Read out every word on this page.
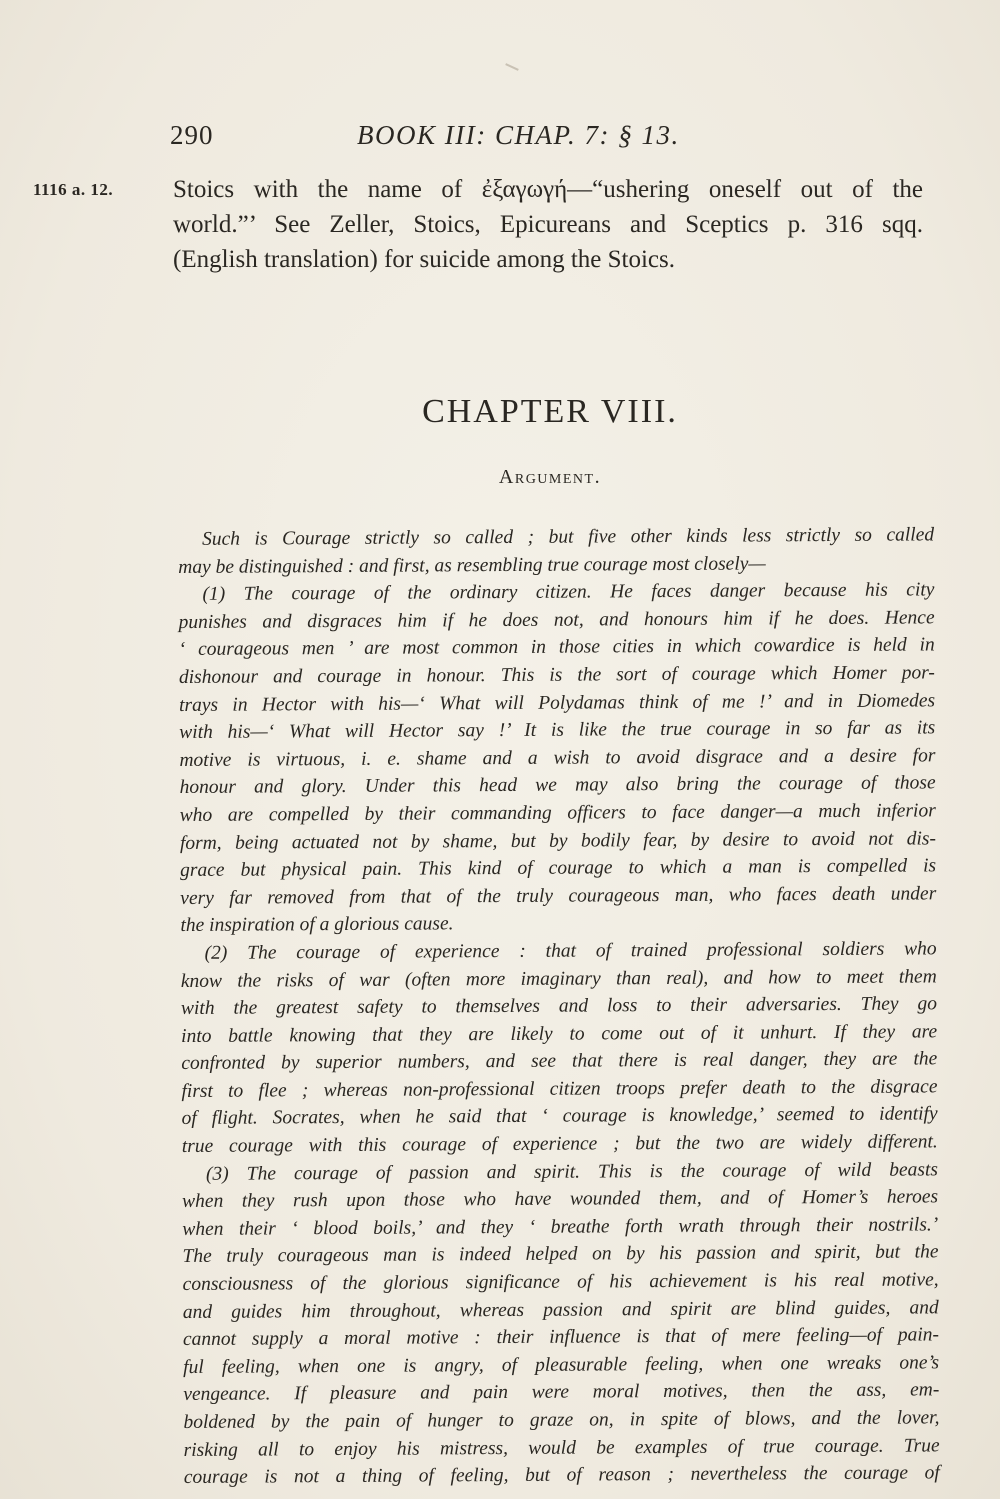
290	BOOK III: CHAP. 7: § 13.
1116 a. 12. Stoics with the name of ἐξαγωγή—“ushering oneself out of the
world.”’ See Zeller, Stoics, Epicureans and Sceptics p. 316 sqq.
(English translation) for suicide among the Stoics.
CHAPTER VIII.
Argument.
Such is Courage strictly so called ; but five other kinds less strictly so called
may be distinguished : and first, as resembling true courage most closely—
(1) The courage of the ordinary citizen. He faces danger because his city
punishes and disgraces him if he does not, and honours him if he does. Hence
‘ courageous men ’ are most common in those cities in which cowardice is held in
dishonour and courage in honour. This is the sort of courage which Homer por-
trays in Hector with his—‘ What will Polydamas think of me !’ and in Diomedes
with his—‘ What will Hector say !’ It is like the true courage in so far as its
motive is virtuous, i. e. shame and a wish to avoid disgrace and a desire for
honour and glory. Under this head we may also bring the courage of those
who are compelled by their commanding officers to face danger—a much inferior
form, being actuated not by shame, but by bodily fear, by desire to avoid not dis-
grace but physical pain. This kind of courage to which a man is compelled is
very far removed from that of the truly courageous man, who faces death under
the inspiration of a glorious cause.
(2) The courage of experience : that of trained professional soldiers who
know the risks of war (often more imaginary than real), and how to meet them
with the greatest safety to themselves and loss to their adversaries. They go
into battle knowing that they are likely to come out of it unhurt. If they are
confronted by superior numbers, and see that there is real danger, they are the
first to flee ; whereas non-professional citizen troops prefer death to the disgrace
of flight. Socrates, when he said that ‘ courage is knowledge,’ seemed to identify
true courage with this courage of experience ; but the two are widely different.
(3) The courage of passion and spirit. This is the courage of wild beasts
when they rush upon those who have wounded them, and of Homer’s heroes
when their ‘ blood boils,’ and they ‘ breathe forth wrath through their nostrils.’
The truly courageous man is indeed helped on by his passion and spirit, but the
consciousness of the glorious significance of his achievement is his real motive,
and guides him throughout, whereas passion and spirit are blind guides, and
cannot supply a moral motive : their influence is that of mere feeling—of pain-
ful feeling, when one is angry, of pleasurable feeling, when one wreaks one’s
vengeance. If pleasure and pain were moral motives, then the ass, em-
boldened by the pain of hunger to graze on, in spite of blows, and the lover,
risking all to enjoy his mistress, would be examples of true courage. True
courage is not a thing of feeling, but of reason ; nevertheless the courage of
